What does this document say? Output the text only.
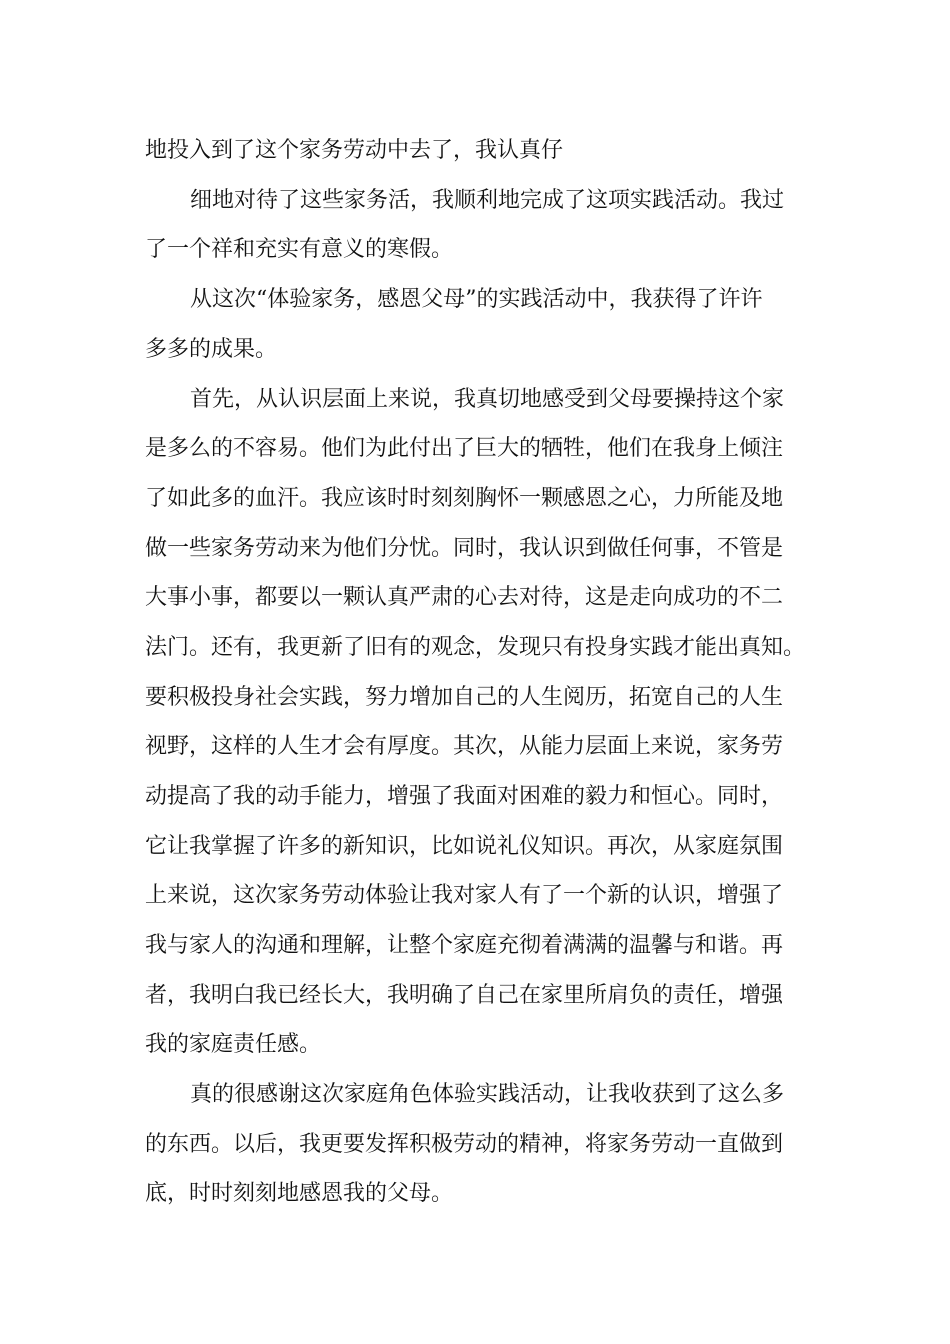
地投入到了这个家务劳动中去了，我认真仔
细地对待了这些家务活，我顺利地完成了这项实践活动。我过
了一个祥和充实有意义的寒假。
从这次“体验家务，感恩父母”的实践活动中，我获得了许许
多多的成果。
首先，从认识层面上来说，我真切地感受到父母要操持这个家
是多么的不容易。他们为此付出了巨大的牺牲，他们在我身上倾注
了如此多的血汗。我应该时时刻刻胸怀一颗感恩之心，力所能及地
做一些家务劳动来为他们分忧。同时，我认识到做任何事，不管是
大事小事，都要以一颗认真严肃的心去对待，这是走向成功的不二
法门。还有，我更新了旧有的观念，发现只有投身实践才能出真知。
要积极投身社会实践，努力增加自己的人生阅历，拓宽自己的人生
视野，这样的人生才会有厚度。其次，从能力层面上来说，家务劳
动提高了我的动手能力，增强了我面对困难的毅力和恒心。同时，
它让我掌握了许多的新知识，比如说礼仪知识。再次，从家庭氛围
上来说，这次家务劳动体验让我对家人有了一个新的认识，增强了
我与家人的沟通和理解，让整个家庭充彻着满满的温馨与和谐。再
者，我明白我已经长大，我明确了自己在家里所肩负的责任，增强
我的家庭责任感。
真的很感谢这次家庭角色体验实践活动，让我收获到了这么多
的东西。以后，我更要发挥积极劳动的精神，将家务劳动一直做到
底，时时刻刻地感恩我的父母。
